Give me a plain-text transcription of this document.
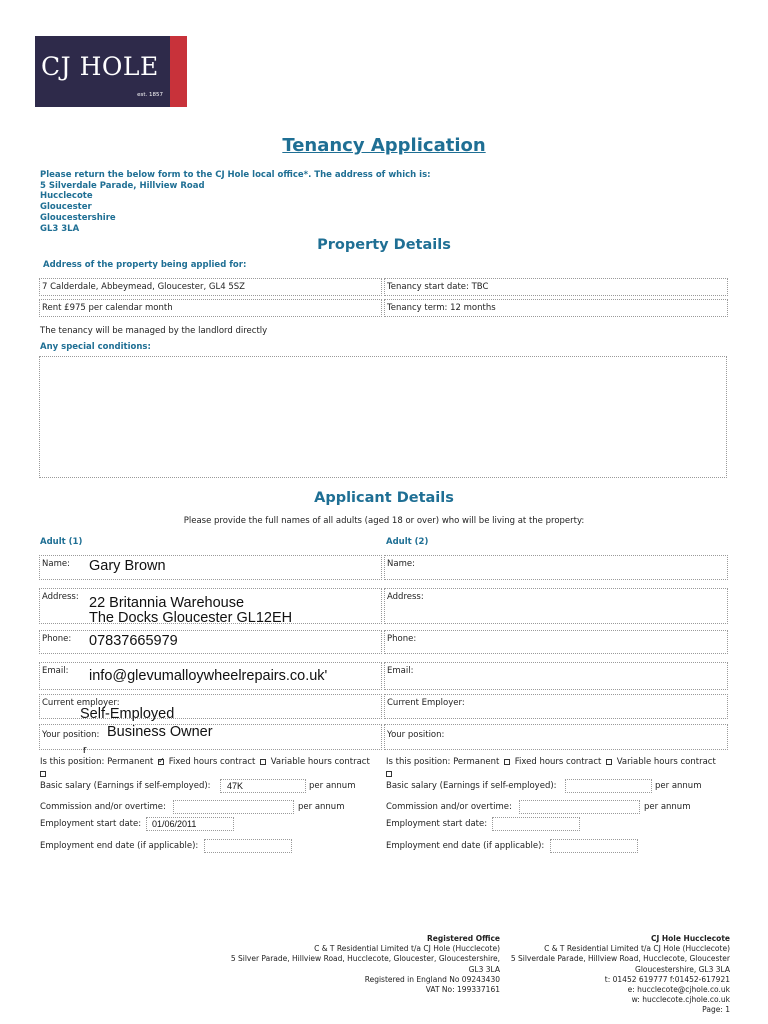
CJ HOLE
est. 1857
Tenancy Application
Please return the below form to the CJ Hole local office*. The address of which is:
5 Silverdale Parade, Hillview Road
Hucclecote
Gloucester
Gloucestershire
GL3 3LA
Property Details
Address of the property being applied for:
7 Calderdale, Abbeymead, Gloucester, GL4 5SZ	Tenancy start date: TBC
Rent £975 per calendar month	Tenancy term: 12 months
The tenancy will be managed by the landlord directly
Any special conditions:
Applicant Details
Please provide the full names of all adults (aged 18 or over) who will be living at the property:
Adult (1)	Adult (2)
Name: Gary Brown
Address: 22 Britannia Warehouse
The Docks Gloucester GL12EH
Phone: 07837665979
Email: info@glevumalloywheelrepairs.co.uk'
Current employer:
Self-Employed
Your position: Business Owner
r
Is this position: Permanent ✓ Fixed hours contract Variable hours contract

Basic salary (Earnings if self-employed): 47K	per annum
Commission and/or overtime:	per annum
Employment start date: 01/06/2011
Employment end date (if applicable):
Name:
Address:
Phone:
Email:
Current Employer:
Your position:
Is this position: Permanent Fixed hours contract Variable hours contract

Basic salary (Earnings if self-employed):	per annum
Commission and/or overtime:	per annum
Employment start date:
Employment end date (if applicable):
Registered Office
C & T Residential Limited t/a CJ Hole (Hucclecote)
5 Silver Parade, Hillview Road, Hucclecote, Gloucester, Gloucestershire,
GL3 3LA
Registered in England No 09243430
VAT No: 199337161
CJ Hole Hucclecote
C & T Residential Limited t/a CJ Hole (Hucclecote)
5 Silverdale Parade, Hillview Road, Hucclecote, Gloucester
Gloucestershire, GL3 3LA
t: 01452 619777 f:01452-617921
e: hucclecote@cjhole.co.uk
w: hucclecote.cjhole.co.uk
Page: 1
